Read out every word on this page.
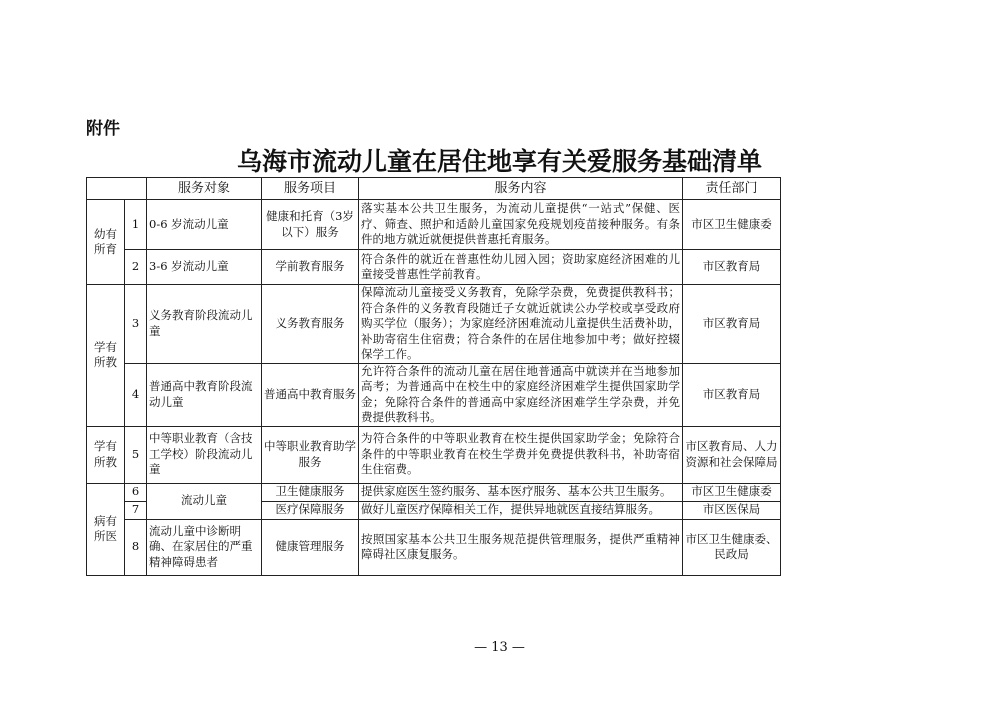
附件
乌海市流动儿童在居住地享有关爱服务基础清单
		服务对象	服务项目	服务内容	责任部门
幼有所育	1	0-6 岁流动儿童	健康和托育（3岁以下）服务	落实基本公共卫生服务，为流动儿童提供“一站式”保健、医疗、筛查、照护和适龄儿童国家免疫规划疫苗接种服务。有条件的地方就近就便提供普惠托育服务。	市区卫生健康委
	2	3-6 岁流动儿童	学前教育服务	符合条件的就近在普惠性幼儿园入园；资助家庭经济困难的儿童接受普惠性学前教育。	市区教育局
学有所教	3	义务教育阶段流动儿童	义务教育服务	保障流动儿童接受义务教育，免除学杂费，免费提供教科书；符合条件的义务教育段随迁子女就近就读公办学校或享受政府购买学位（服务）；为家庭经济困难流动儿童提供生活费补助，补助寄宿生住宿费；符合条件的在居住地参加中考；做好控辍保学工作。	市区教育局
	4	普通高中教育阶段流动儿童	普通高中教育服务	允许符合条件的流动儿童在居住地普通高中就读并在当地参加高考；为普通高中在校生中的家庭经济困难学生提供国家助学金；免除符合条件的普通高中家庭经济困难学生学杂费，并免费提供教科书。	市区教育局
学有所教	5	中等职业教育（含技工学校）阶段流动儿童	中等职业教育助学服务	为符合条件的中等职业教育在校生提供国家助学金；免除符合条件的中等职业教育在校生学费并免费提供教科书，补助寄宿生住宿费。	市区教育局、人力资源和社会保障局
病有所医	6	流动儿童	卫生健康服务	提供家庭医生签约服务、基本医疗服务、基本公共卫生服务。	市区卫生健康委
	7		医疗保障服务	做好儿童医疗保障相关工作，提供异地就医直接结算服务。	市区医保局
	8	流动儿童中诊断明确、在家居住的严重精神障碍患者	健康管理服务	按照国家基本公共卫生服务规范提供管理服务，提供严重精神障碍社区康复服务。	市区卫生健康委、民政局
— 13 —
